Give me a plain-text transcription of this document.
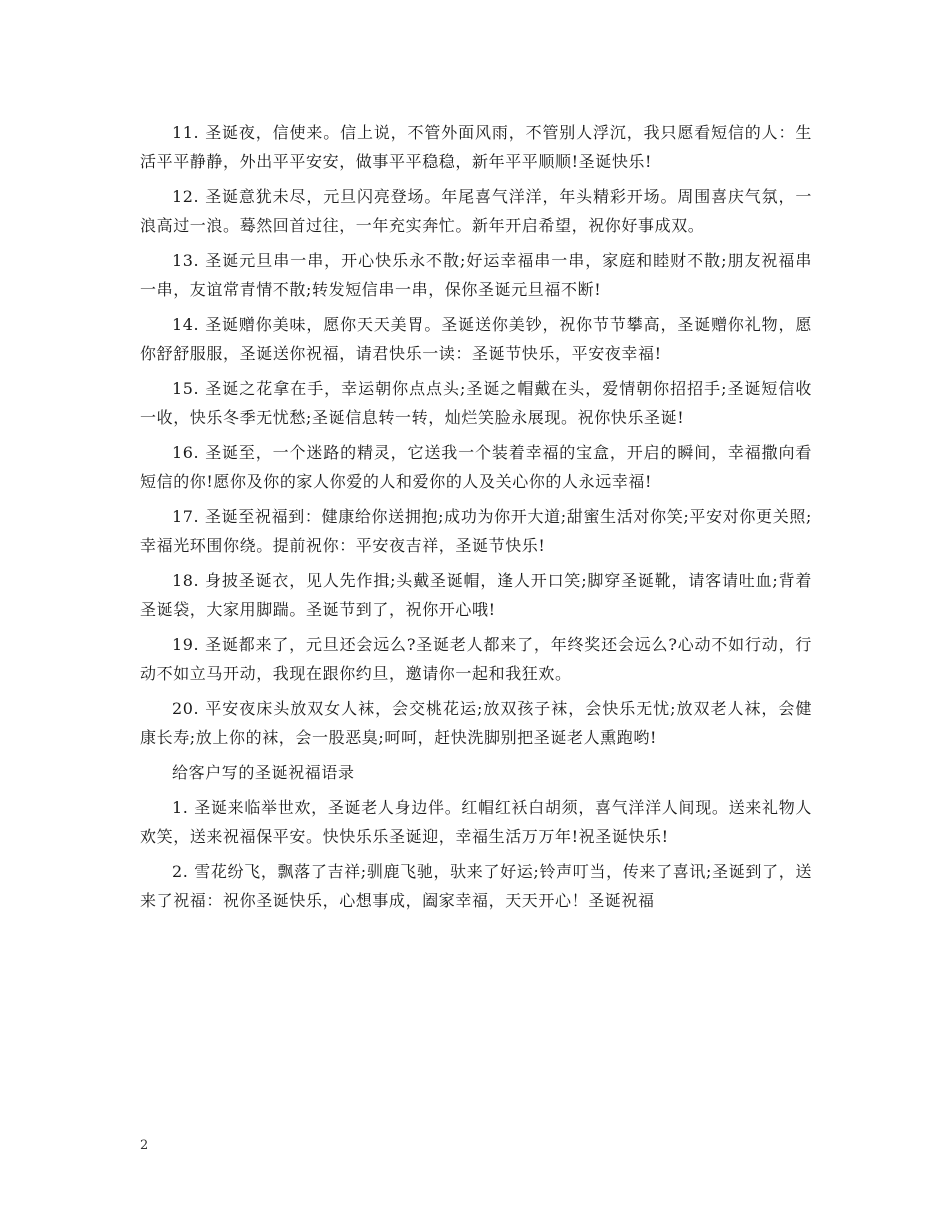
11. 圣诞夜，信使来。信上说，不管外面风雨，不管别人浮沉，我只愿看短信的人：生活平平静静，外出平平安安，做事平平稳稳，新年平平顺顺!圣诞快乐!

12. 圣诞意犹未尽，元旦闪亮登场。年尾喜气洋洋，年头精彩开场。周围喜庆气氛，一浪高过一浪。蓦然回首过往，一年充实奔忙。新年开启希望，祝你好事成双。

13. 圣诞元旦串一串，开心快乐永不散;好运幸福串一串，家庭和睦财不散;朋友祝福串一串，友谊常青情不散;转发短信串一串，保你圣诞元旦福不断!

14. 圣诞赠你美味，愿你天天美胃。圣诞送你美钞，祝你节节攀高，圣诞赠你礼物，愿你舒舒服服，圣诞送你祝福，请君快乐一读：圣诞节快乐，平安夜幸福!

15. 圣诞之花拿在手，幸运朝你点点头;圣诞之帽戴在头，爱情朝你招招手;圣诞短信收一收，快乐冬季无忧愁;圣诞信息转一转，灿烂笑脸永展现。祝你快乐圣诞!

16. 圣诞至，一个迷路的精灵，它送我一个装着幸福的宝盒，开启的瞬间，幸福撒向看短信的你!愿你及你的家人你爱的人和爱你的人及关心你的人永远幸福!

17. 圣诞至祝福到：健康给你送拥抱;成功为你开大道;甜蜜生活对你笑;平安对你更关照;幸福光环围你绕。提前祝你：平安夜吉祥，圣诞节快乐!

18. 身披圣诞衣，见人先作揖;头戴圣诞帽，逢人开口笑;脚穿圣诞靴，请客请吐血;背着圣诞袋，大家用脚踹。圣诞节到了，祝你开心哦!

19. 圣诞都来了，元旦还会远么?圣诞老人都来了，年终奖还会远么?心动不如行动，行动不如立马开动，我现在跟你约旦，邀请你一起和我狂欢。

20. 平安夜床头放双女人袜，会交桃花运;放双孩子袜，会快乐无忧;放双老人袜，会健康长寿;放上你的袜，会一股恶臭;呵呵，赶快洗脚别把圣诞老人熏跑哟!

给客户写的圣诞祝福语录

1. 圣诞来临举世欢，圣诞老人身边伴。红帽红袄白胡须，喜气洋洋人间现。送来礼物人欢笑，送来祝福保平安。快快乐乐圣诞迎，幸福生活万万年!祝圣诞快乐!

2. 雪花纷飞，飘落了吉祥;驯鹿飞驰，驮来了好运;铃声叮当，传来了喜讯;圣诞到了，送来了祝福：祝你圣诞快乐，心想事成，阖家幸福，天天开心！圣诞祝福

2
